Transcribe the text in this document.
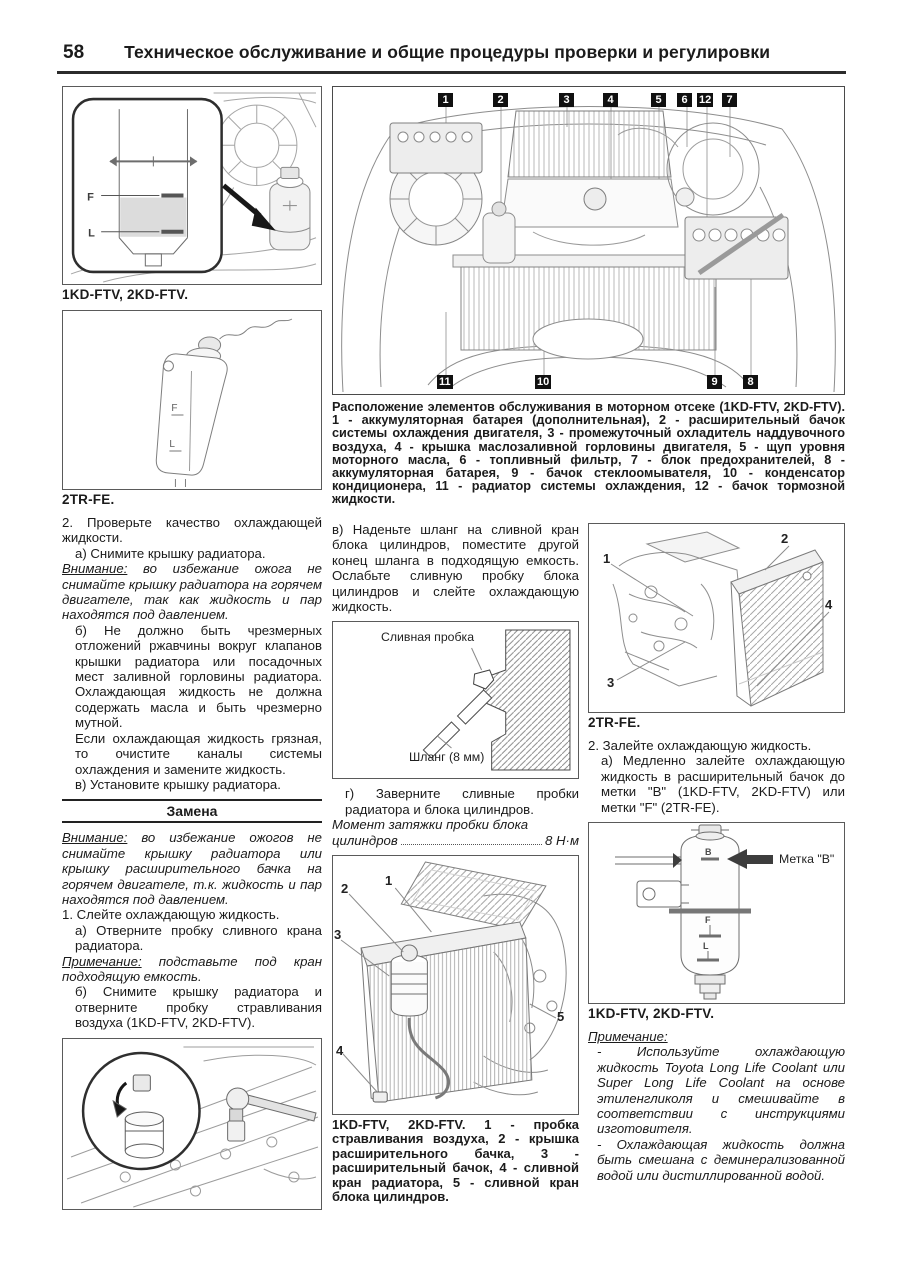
58 Техническое обслуживание и общие процедуры проверки и регулировки
F
L
1KD-FTV, 2KD-FTV.
F
L
2TR-FE.

2. Проверьте качество охлаждающей жидкости.

а) Снимите крышку радиатора.

Внимание: во избежание ожога не снимайте крышку радиатора на горячем двигателе, так как жидкость и пар находятся под давлением.

б) Не должно быть чрезмерных отложений ржавчины вокруг клапанов крышки радиатора или посадочных мест заливной горловины радиатора. Охлаждающая жидкость не должна содержать масла и быть чрезмерно мутной.

Если охлаждающая жидкость грязная, то очистите каналы системы охлаждения и замените жидкость.

в) Установите крышку радиатора.

Замена

Внимание: во избежание ожогов не снимайте крышку радиатора или крышку расширительного бачка на горячем двигателе, т.к. жидкость и пар находятся под давлением.

1. Слейте охлаждающую жидкость.

а) Отверните пробку сливного крана радиатора.

Примечание: подставьте под кран подходящую емкость.

б) Снимите крышку радиатора и отверните пробку стравливания воздуха (1KD-FTV, 2KD-FTV).

1	2	3	4	5	6	12	7
11	10	9	8
Расположение элементов обслуживания в моторном отсеке (1KD-FTV, 2KD-FTV). 1 - аккумуляторная батарея (дополнительная), 2 - расширительный бачок системы охлаждения двигателя, 3 - промежуточный охладитель наддувочного воздуха, 4 - крышка маслозаливной горловины двигателя, 5 - щуп уровня моторного масла, 6 - топливный фильтр, 7 - блок предохранителей, 8 - аккумуляторная батарея, 9 - бачок стеклоомывателя, 10 - конденсатор кондиционера, 11 - радиатор системы охлаждения, 12 - бачок тормозной жидкости.

в) Наденьте шланг на сливной кран блока цилиндров, поместите другой конец шланга в подходящую емкость. Ослабьте сливную пробку блока цилиндров и слейте охлаждающую жидкость.

Сливная пробка
Шланг (8 мм)

г) Заверните сливные пробки радиатора и блока цилиндров.

Момент затяжки пробки блока

цилиндров	8 Н·м
1
2
3
4
5
1KD-FTV, 2KD-FTV. 1 - пробка стравливания воздуха, 2 - крышка расширительного бачка, 3 - расширительный бачок, 4 - сливной кран радиатора, 5 - сливной кран блока цилиндров.
1
2
3
4
2TR-FE.

2. Залейте охлаждающую жидкость.

а) Медленно залейте охлаждающую жидкость в расширительный бачок до метки "B" (1KD-FTV, 2KD-FTV) или метки "F" (2TR-FE).

B
F
L
Метка "B"
1KD-FTV, 2KD-FTV.

Примечание:

- Используйте охлаждающую жидкость Toyota Long Life Coolant или Super Long Life Coolant на основе этиленгликоля и смешивайте в соответствии с инструкциями изготовителя.

- Охлаждающая жидкость должна быть смешана с деминерализованной водой или дистиллированной водой.
